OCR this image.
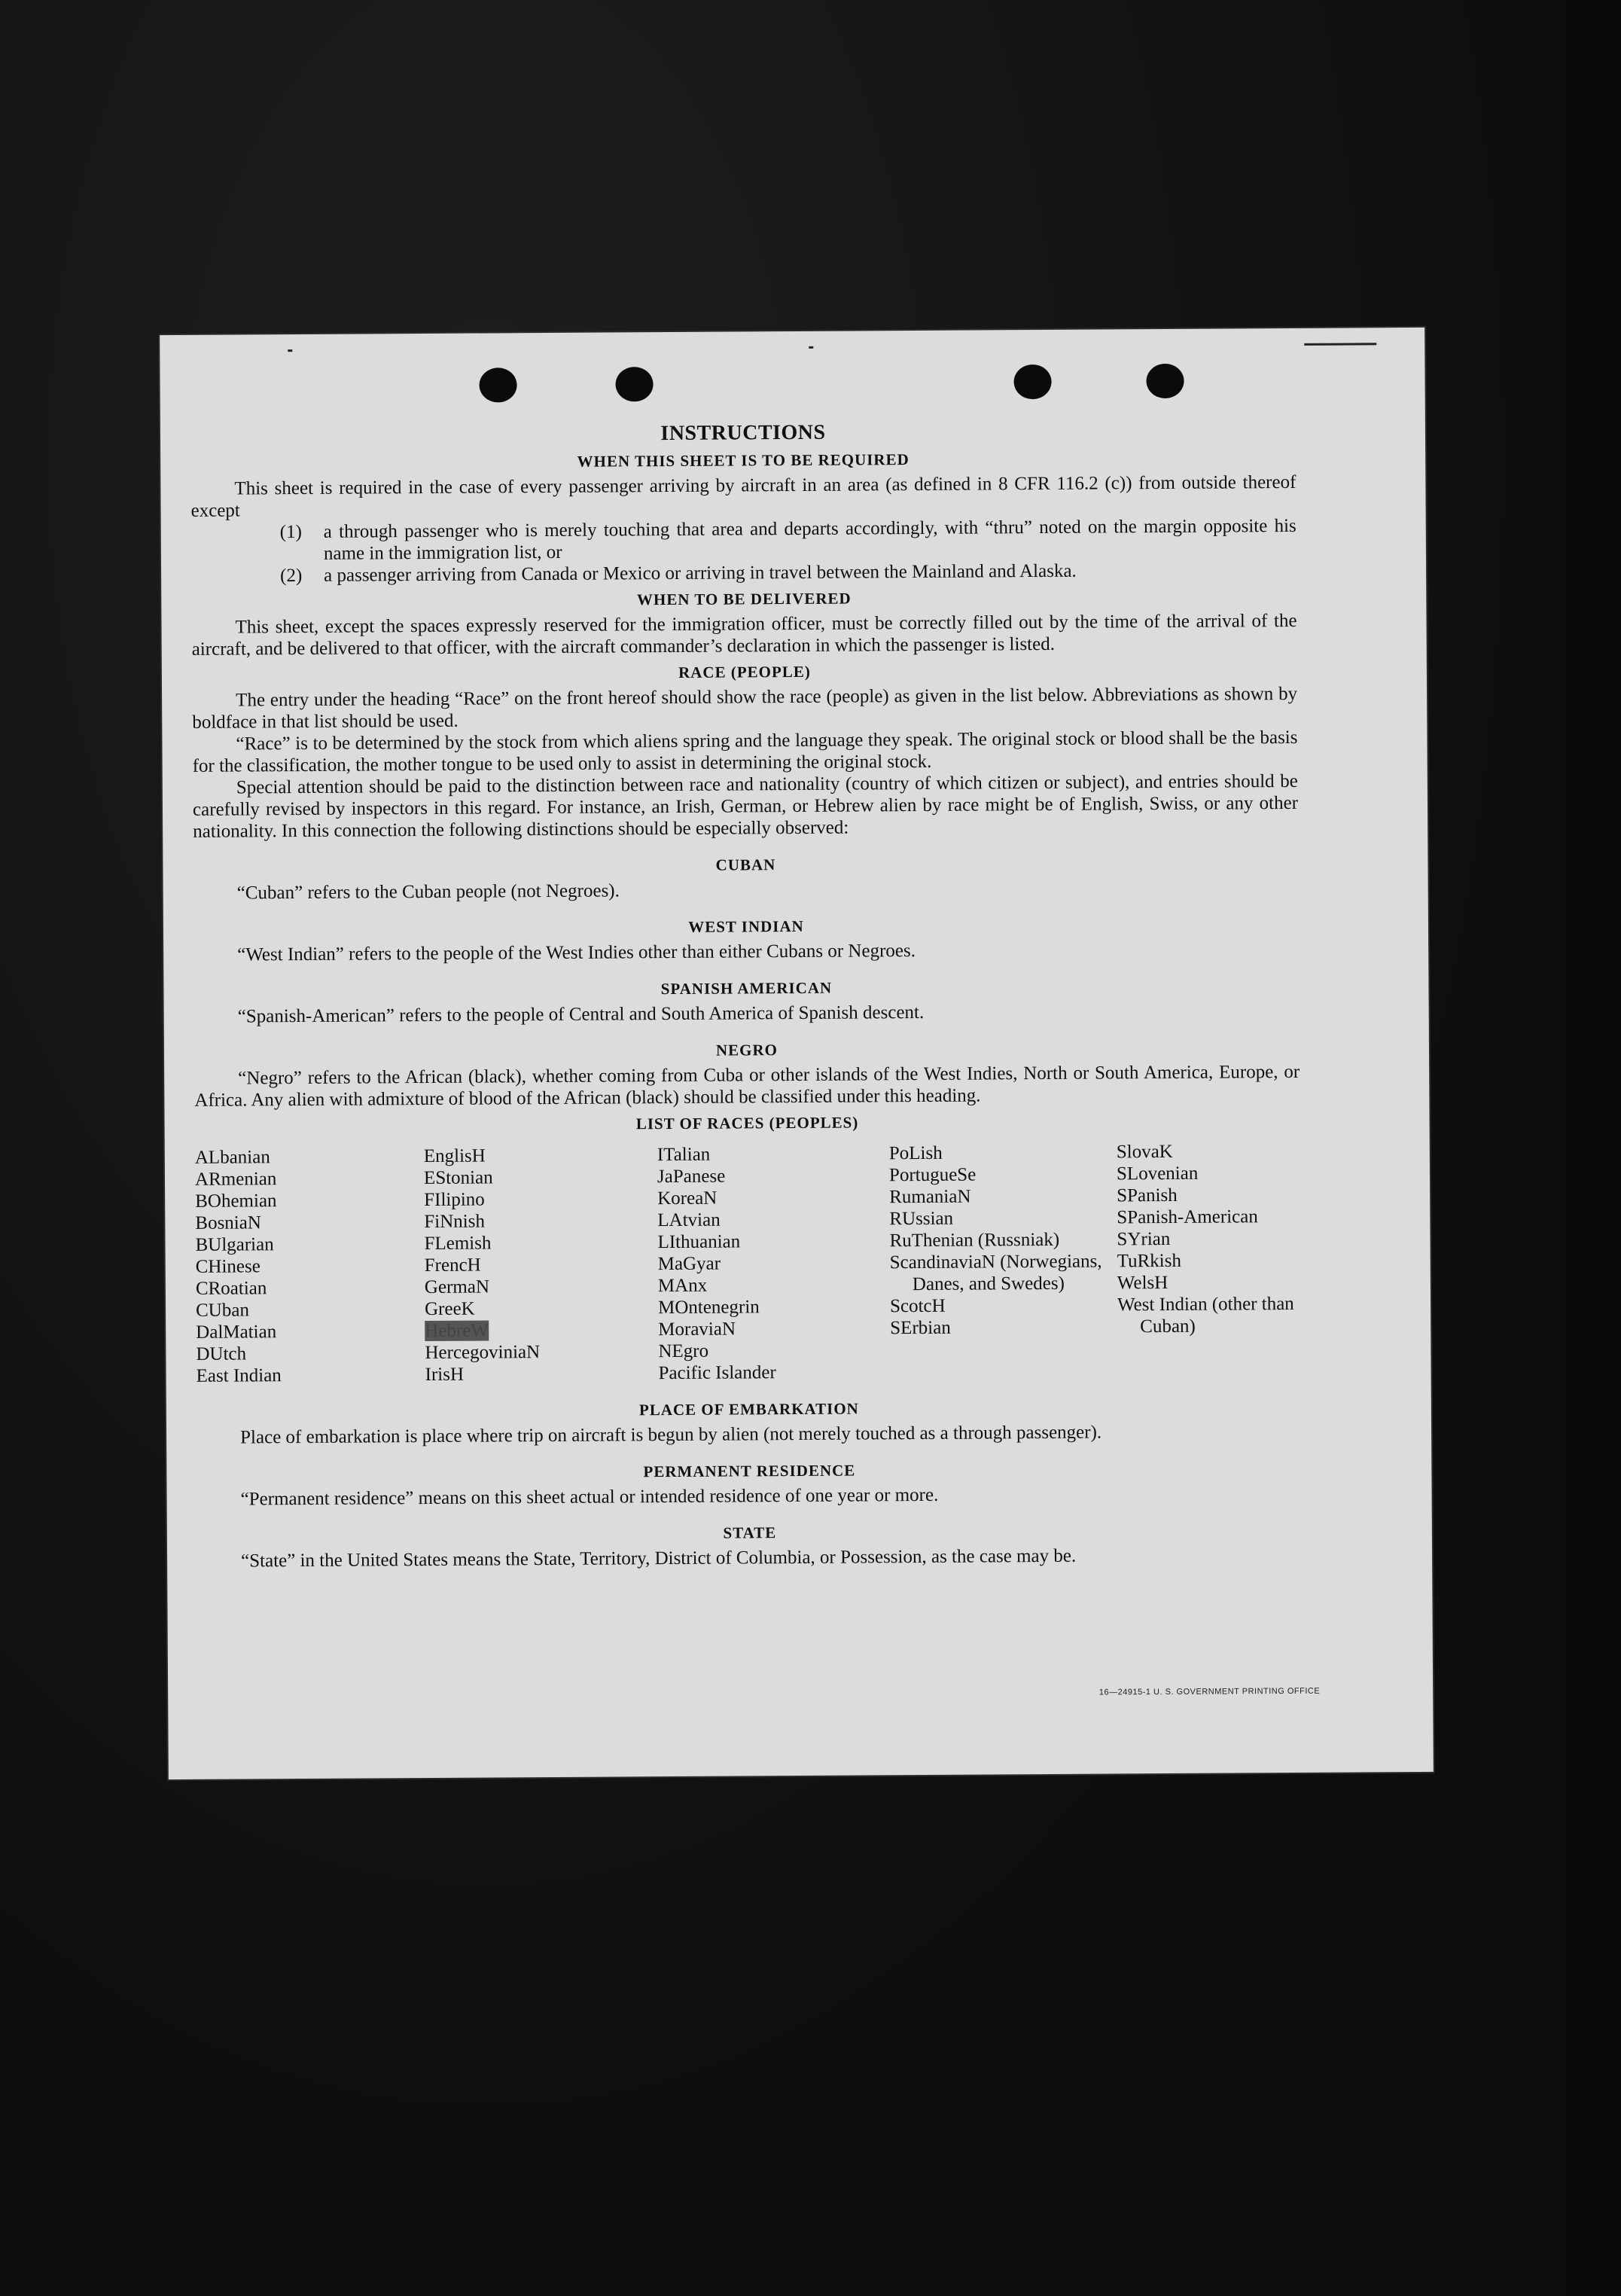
INSTRUCTIONS
WHEN THIS SHEET IS TO BE REQUIRED

This sheet is required in the case of every passenger arriving by aircraft in an area (as defined in 8 CFR 116.2 (c)) from outside thereof except

(1) a through passenger who is merely touching that area and departs accordingly, with “thru” noted on the margin opposite his name in the immigration list, or
(2) a passenger arriving from Canada or Mexico or arriving in travel between the Mainland and Alaska.
WHEN TO BE DELIVERED

This sheet, except the spaces expressly reserved for the immigration officer, must be correctly filled out by the time of the arrival of the aircraft, and be delivered to that officer, with the aircraft commander’s declaration in which the passenger is listed.

RACE (PEOPLE)

The entry under the heading “Race” on the front hereof should show the race (people) as given in the list below. Abbreviations as shown by boldface in that list should be used.

“Race” is to be determined by the stock from which aliens spring and the language they speak. The original stock or blood shall be the basis for the classification, the mother tongue to be used only to assist in determining the original stock.

Special attention should be paid to the distinction between race and nationality (country of which citizen or subject), and entries should be carefully revised by inspectors in this regard. For instance, an Irish, German, or Hebrew alien by race might be of English, Swiss, or any other nationality. In this connection the following distinctions should be especially observed:

CUBAN

“Cuban” refers to the Cuban people (not Negroes).

WEST INDIAN

“West Indian” refers to the people of the West Indies other than either Cubans or Negroes.

SPANISH AMERICAN

“Spanish-American” refers to the people of Central and South America of Spanish descent.

NEGRO

“Negro” refers to the African (black), whether coming from Cuba or other islands of the West Indies, North or South America, Europe, or Africa. Any alien with admixture of blood of the African (black) should be classified under this heading.

LIST OF RACES (PEOPLES)
ALbanian
ARmenian
BOhemian
BosniaN
BUlgarian
CHinese
CRoatian
CUban
DalMatian
DUtch
East Indian
EnglisH
EStonian
FIlipino
FiNnish
FLemish
FrencH
GermaN
GreeK
HebreW
HercegoviniaN
IrisH
ITalian
JaPanese
KoreaN
LAtvian
LIthuanian
MaGyar
MAnx
MOntenegrin
MoraviaN
NEgro
Pacific Islander
PoLish
PortugueSe
RumaniaN
RUssian
RuThenian (Russniak)
ScandinaviaN (Norwegians, Danes, and Swedes)
ScotcH
SErbian
SlovaK
SLovenian
SPanish
SPanish-American
SYrian
TuRkish
WelsH
West Indian (other than Cuban)
PLACE OF EMBARKATION

Place of embarkation is place where trip on aircraft is begun by alien (not merely touched as a through passenger).

PERMANENT RESIDENCE

“Permanent residence” means on this sheet actual or intended residence of one year or more.

STATE

“State” in the United States means the State, Territory, District of Columbia, or Possession, as the case may be.

16—24915-1 U. S. GOVERNMENT PRINTING OFFICE
